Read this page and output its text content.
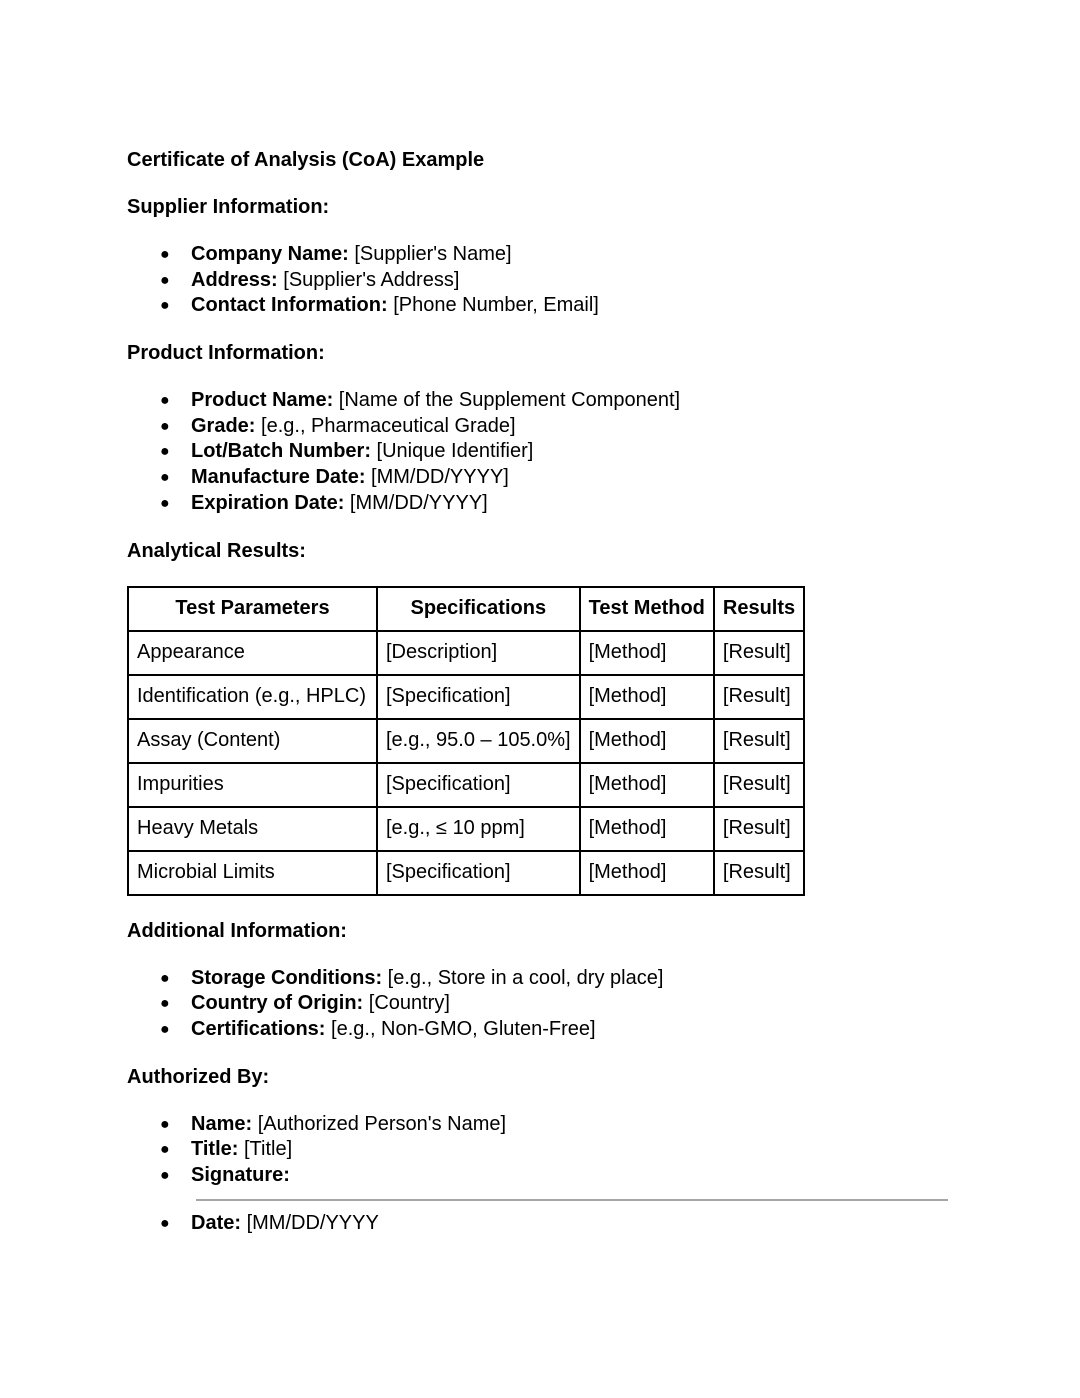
Certificate of Analysis (CoA) Example

Supplier Information:

● Company Name: [Supplier's Name]
● Address: [Supplier's Address]
● Contact Information: [Phone Number, Email]

Product Information:

● Product Name: [Name of the Supplement Component]
● Grade: [e.g., Pharmaceutical Grade]
● Lot/Batch Number: [Unique Identifier]
● Manufacture Date: [MM/DD/YYYY]
● Expiration Date: [MM/DD/YYYY]

Analytical Results:

Test Parameters	Specifications	Test Method	Results
Appearance	[Description]	[Method]	[Result]
Identification (e.g., HPLC)	[Specification]	[Method]	[Result]
Assay (Content)	[e.g., 95.0 – 105.0%]	[Method]	[Result]
Impurities	[Specification]	[Method]	[Result]
Heavy Metals	[e.g., ≤ 10 ppm]	[Method]	[Result]
Microbial Limits	[Specification]	[Method]	[Result]

Additional Information:

● Storage Conditions: [e.g., Store in a cool, dry place]
● Country of Origin: [Country]
● Certifications: [e.g., Non-GMO, Gluten-Free]

Authorized By:

● Name: [Authorized Person's Name]
● Title: [Title]
● Signature:
● Date: [MM/DD/YYYY
